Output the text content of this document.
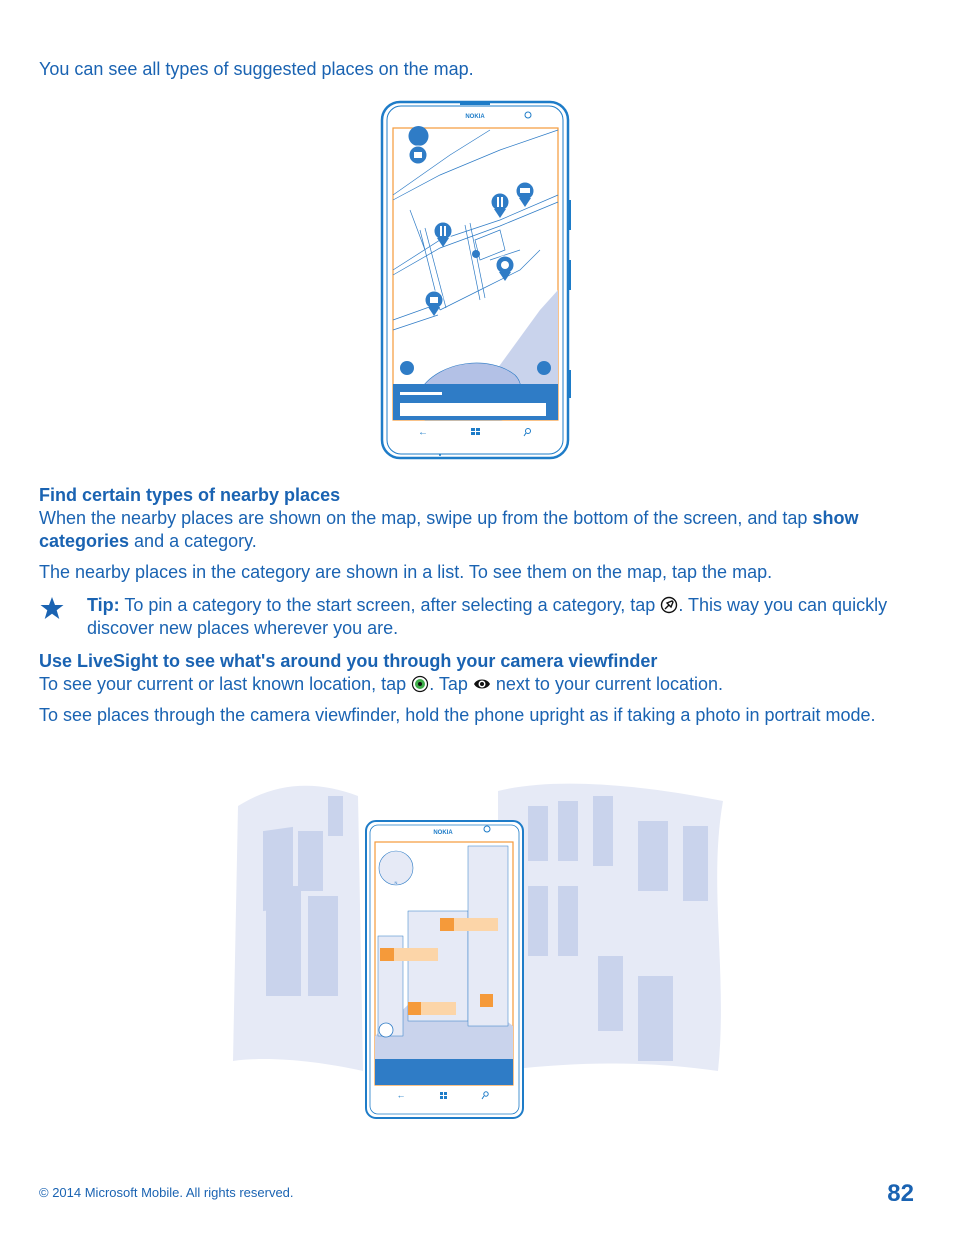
You can see all types of suggested places on the map.

NOKIA
←

Find certain types of nearby places

When the nearby places are shown on the map, swipe up from the bottom of the screen, and tap show categories and a category.

The nearby places in the category are shown in a list. To see them on the map, tap the map.

Tip: To pin a category to the start screen, after selecting a category, tap . This way you can quickly discover new places wherever you are.

Use LiveSight to see what's around you through your camera viewfinder

To see your current or last known location, tap . Tap  next to your current location.

To see places through the camera viewfinder, hold the phone upright as if taking a photo in portrait mode.

NOKIA
N
←
© 2014 Microsoft Mobile. All rights reserved.	82
